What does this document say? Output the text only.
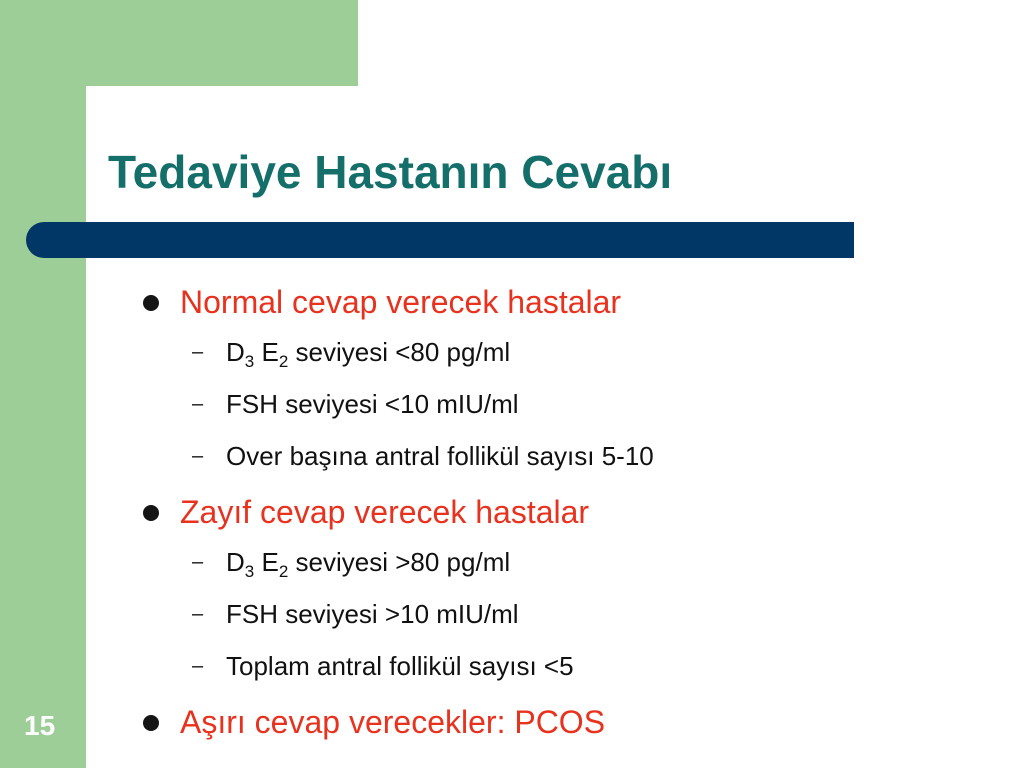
Tedaviye Hastanın Cevabı
Normal cevap verecek hastalar
– $D_3$ $E_2$ seviyesi <80 pg/ml
– FSH seviyesi <10 mIU/ml
– Over başına antral follikül sayısı 5-10
Zayıf cevap verecek hastalar
– $D_3$ $E_2$ seviyesi >80 pg/ml
– FSH seviyesi >10 mIU/ml
– Toplam antral follikül sayısı <5
Aşırı cevap verecekler: PCOS
15
